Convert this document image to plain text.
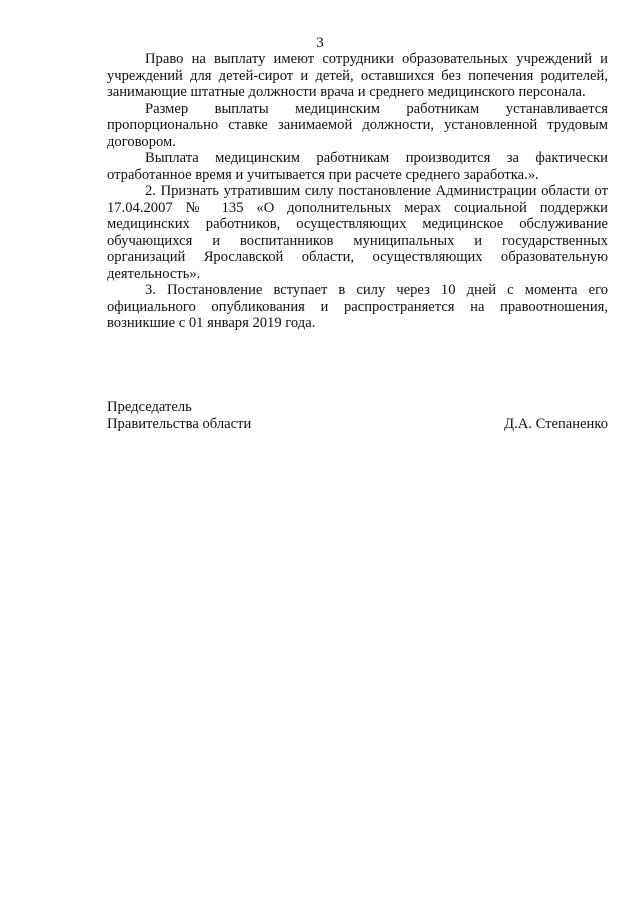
3

Право на выплату имеют сотрудники образовательных учреждений и учреждений для детей-сирот и детей, оставшихся без попечения родителей, занимающие штатные должности врача и среднего медицинского персонала.

Размер выплаты медицинским работникам устанавливается пропорционально ставке занимаемой должности, установленной трудовым договором.

Выплата медицинским работникам производится за фактически отработанное время и учитывается при расчете среднего заработка.».

2. Признать утратившим силу постановление Администрации области от 17.04.2007 № 135 «О дополнительных мерах социальной поддержки медицинских работников, осуществляющих медицинское обслуживание обучающихся и воспитанников муниципальных и государственных организаций Ярославской области, осуществляющих образовательную деятельность».

3. Постановление вступает в силу через 10 дней с момента его официального опубликования и распространяется на правоотношения, возникшие с 01 января 2019 года.

Председатель
Правительства области	Д.А. Степаненко
